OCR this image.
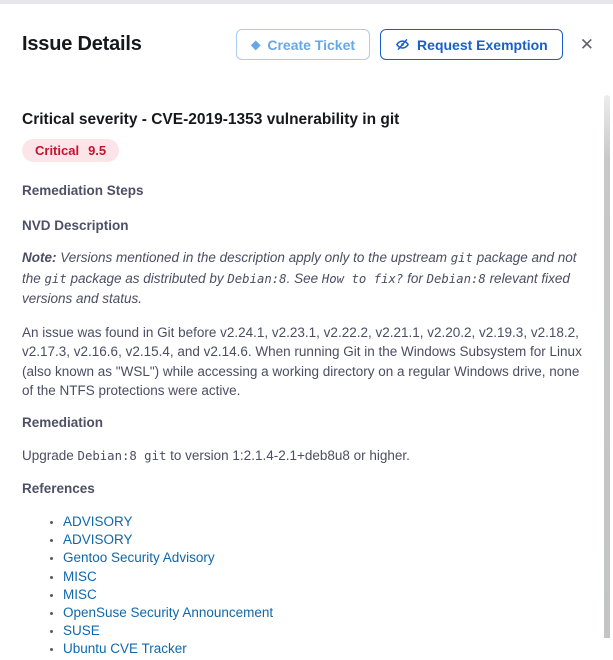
Issue Details	◆ Create Ticket	Request Exemption	✕
Critical severity - CVE-2019-1353 vulnerability in git
Critical 9.5
Remediation Steps
NVD Description

Note: Versions mentioned in the description apply only to the upstream git package and not the git package as distributed by Debian:8. See How to fix? for Debian:8 relevant fixed versions and status.

An issue was found in Git before v2.24.1, v2.23.1, v2.22.2, v2.21.1, v2.20.2, v2.19.3, v2.18.2, v2.17.3, v2.16.6, v2.15.4, and v2.14.6. When running Git in the Windows Subsystem for Linux (also known as "WSL") while accessing a working directory on a regular Windows drive, none of the NTFS protections were active.

Remediation

Upgrade Debian:8 git to version 1:2.1.4-2.1+deb8u8 or higher.

References
• ADVISORY
• ADVISORY
• Gentoo Security Advisory
• MISC
• MISC
• OpenSuse Security Announcement
• SUSE
• Ubuntu CVE Tracker
